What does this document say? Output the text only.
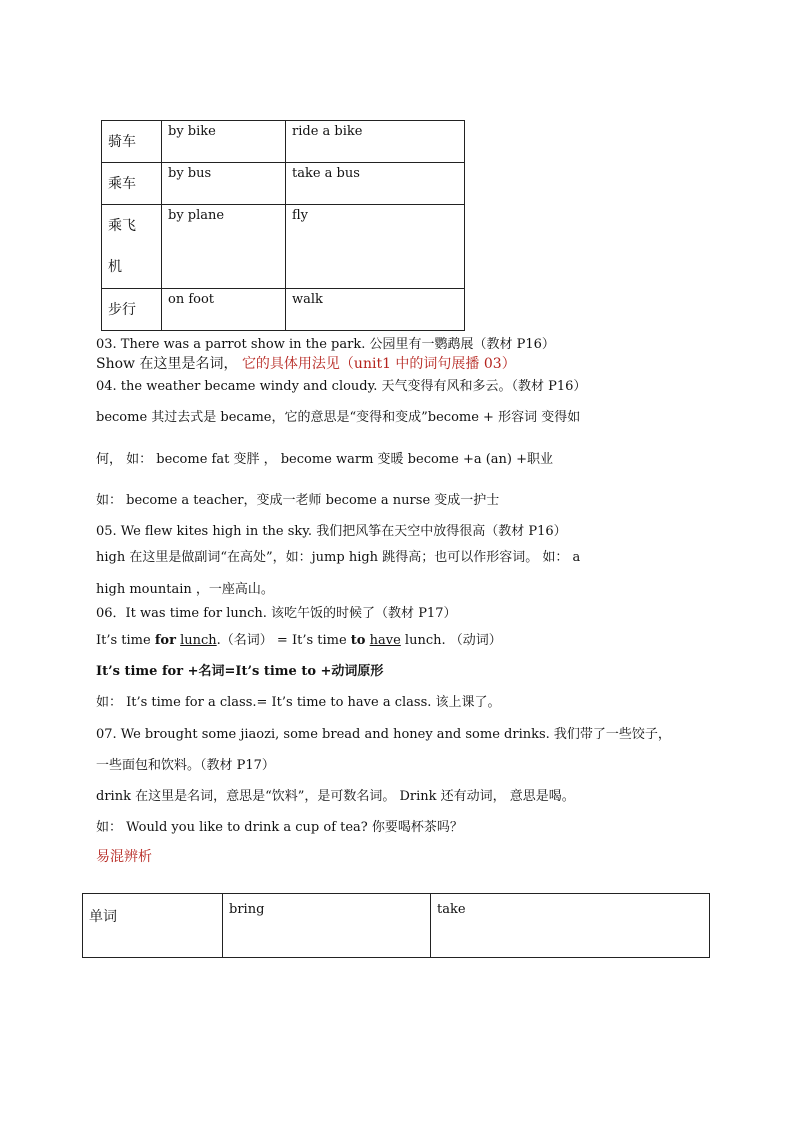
骑车	by bike	ride a bike
乘车	by bus	take a bus

乘飞
机	by plane	fly
步行	on foot	walk
03. There was a parrot show in the park. 公园里有一鹦鹉展（教材 P16）
Show 在这里是名词， 它的具体用法见（unit1 中的词句展播 03）
04. the weather became windy and cloudy. 天气变得有风和多云。（教材 P16）
become 其过去式是 became，它的意思是“变得和变成”become + 形容词 变得如
何， 如： become fat 变胖 ， become warm 变暖 become +a (an) +职业
如： become a teacher，变成一老师 become a nurse 变成一护士
05. We flew kites high in the sky. 我们把风筝在天空中放得很高（教材 P16）
high 在这里是做副词“在高处”，如：jump high 跳得高；也可以作形容词。 如： a
high mountain ，一座高山。
06．It was time for lunch. 该吃午饭的时候了（教材 P17）
It’s time for lunch.（名词） = It’s time to have lunch. （动词）
It’s time for +名词=It’s time to +动词原形
如： It’s time for a class.= It’s time to have a class. 该上课了。
07. We brought some jiaozi, some bread and honey and some drinks. 我们带了一些饺子，
一些面包和饮料。（教材 P17）
drink 在这里是名词，意思是“饮料”，是可数名词。 Drink 还有动词， 意思是喝。
如： Would you like to drink a cup of tea? 你要喝杯茶吗？
易混辨析
单词	bring	take
